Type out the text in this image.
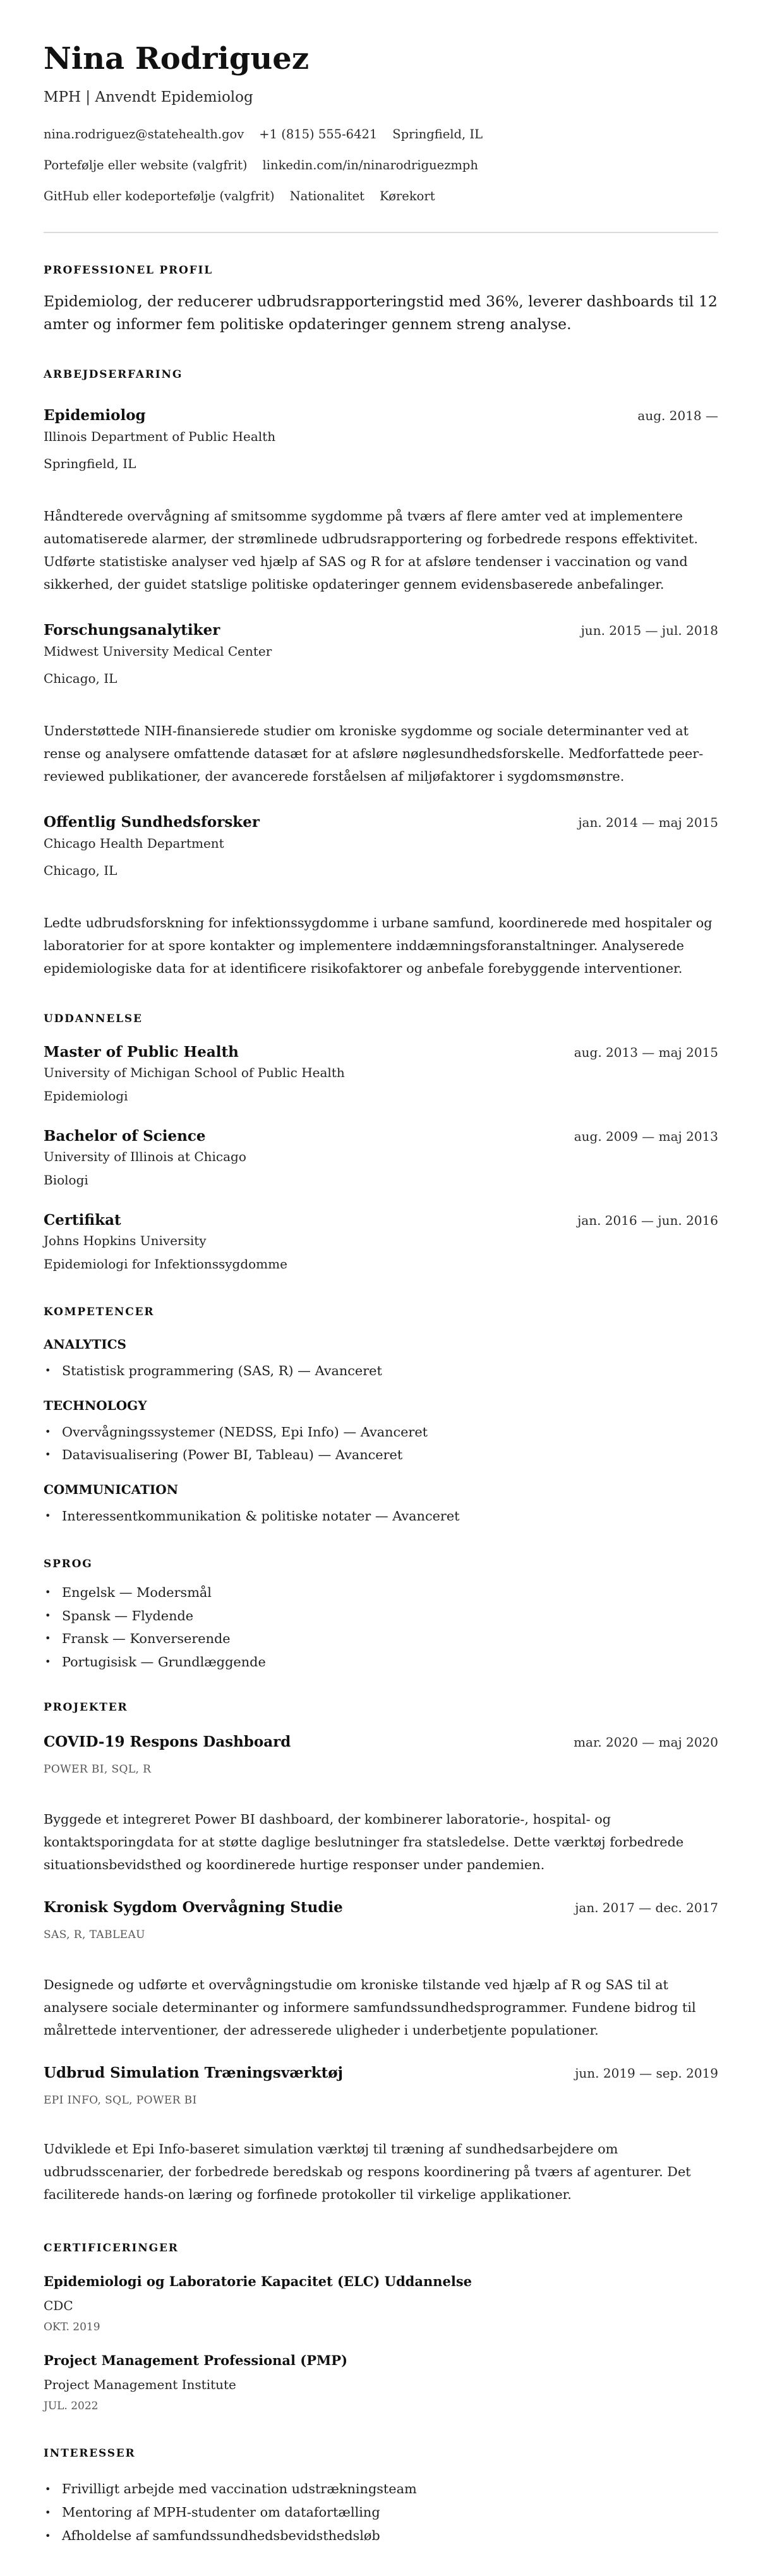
Nina Rodriguez
MPH | Anvendt Epidemiolog
nina.rodriguez@statehealth.gov +1 (815) 555-6421 Springfield, IL
Portefølje eller website (valgfrit) linkedin.com/in/ninarodriguezmph
GitHub eller kodeportefølje (valgfrit) Nationalitet Kørekort
PROFESSIONEL PROFIL
Epidemiolog, der reducerer udbrudsrapporteringstid med 36%, leverer dashboards til 12 amter og informer fem politiske opdateringer gennem streng analyse.
ARBEJDSERFARING
Epidemiolog	aug. 2018 —
Illinois Department of Public Health
Springfield, IL
Håndterede overvågning af smitsomme sygdomme på tværs af flere amter ved at implementere automatiserede alarmer, der strømlinede udbrudsrapportering og forbedrede respons effektivitet. Udførte statistiske analyser ved hjælp af SAS og R for at afsløre tendenser i vaccination og vand sikkerhed, der guidet statslige politiske opdateringer gennem evidensbaserede anbefalinger.
Forschungsanalytiker	jun. 2015 — jul. 2018
Midwest University Medical Center
Chicago, IL
Understøttede NIH-finansierede studier om kroniske sygdomme og sociale determinanter ved at rense og analysere omfattende datasæt for at afsløre nøglesundhedsforskelle. Medforfattede peer-reviewed publikationer, der avancerede forståelsen af miljøfaktorer i sygdomsmønstre.
Offentlig Sundhedsforsker	jan. 2014 — maj 2015
Chicago Health Department
Chicago, IL
Ledte udbrudsforskning for infektionssygdomme i urbane samfund, koordinerede med hospitaler og laboratorier for at spore kontakter og implementere inddæmningsforanstaltninger. Analyserede epidemiologiske data for at identificere risikofaktorer og anbefale forebyggende interventioner.
UDDANNELSE
Master of Public Health	aug. 2013 — maj 2015
University of Michigan School of Public Health
Epidemiologi
Bachelor of Science	aug. 2009 — maj 2013
University of Illinois at Chicago
Biologi
Certifikat	jan. 2016 — jun. 2016
Johns Hopkins University
Epidemiologi for Infektionssygdomme
KOMPETENCER
ANALYTICS
• Statistisk programmering (SAS, R) — Avanceret
TECHNOLOGY
• Overvågningssystemer (NEDSS, Epi Info) — Avanceret
• Datavisualisering (Power BI, Tableau) — Avanceret
COMMUNICATION
• Interessentkommunikation & politiske notater — Avanceret
SPROG
• Engelsk — Modersmål
• Spansk — Flydende
• Fransk — Konverserende
• Portugisisk — Grundlæggende
PROJEKTER
COVID-19 Respons Dashboard	mar. 2020 — maj 2020
POWER BI, SQL, R
Byggede et integreret Power BI dashboard, der kombinerer laboratorie-, hospital- og kontaktsporingdata for at støtte daglige beslutninger fra statsledelse. Dette værktøj forbedrede situationsbevidsthed og koordinerede hurtige responser under pandemien.
Kronisk Sygdom Overvågning Studie	jan. 2017 — dec. 2017
SAS, R, TABLEAU
Designede og udførte et overvågningstudie om kroniske tilstande ved hjælp af R og SAS til at analysere sociale determinanter og informere samfundssundhedsprogrammer. Fundene bidrog til målrettede interventioner, der adresserede uligheder i underbetjente populationer.
Udbrud Simulation Træningsværktøj	jun. 2019 — sep. 2019
EPI INFO, SQL, POWER BI
Udviklede et Epi Info-baseret simulation værktøj til træning af sundhedsarbejdere om udbrudsscenarier, der forbedrede beredskab og respons koordinering på tværs af agenturer. Det faciliterede hands-on læring og forfinede protokoller til virkelige applikationer.
CERTIFICERINGER
Epidemiologi og Laboratorie Kapacitet (ELC) Uddannelse
CDC
OKT. 2019
Project Management Professional (PMP)
Project Management Institute
JUL. 2022
INTERESSER
• Frivilligt arbejde med vaccination udstrækningsteam
• Mentoring af MPH-studenter om datafortælling
• Afholdelse af samfundssundhedsbevidsthedsløb
